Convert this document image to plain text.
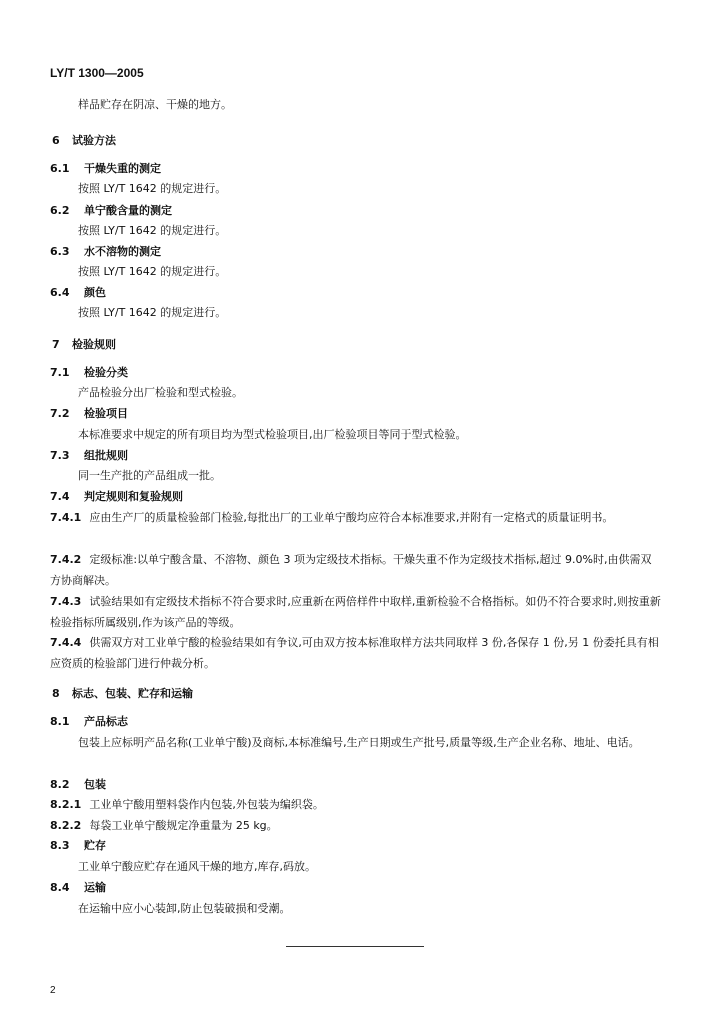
LY/T 1300—2005
样品贮存在阴凉、干燥的地方。
6 试验方法
6.1 干燥失重的测定
按照 LY/T 1642 的规定进行。
6.2 单宁酸含量的测定
按照 LY/T 1642 的规定进行。
6.3 水不溶物的测定
按照 LY/T 1642 的规定进行。
6.4 颜色
按照 LY/T 1642 的规定进行。
7 检验规则
7.1 检验分类
产品检验分出厂检验和型式检验。
7.2 检验项目
本标准要求中规定的所有项目均为型式检验项目,出厂检验项目等同于型式检验。
7.3 组批规则
同一生产批的产品组成一批。
7.4 判定规则和复验规则
7.4.1 应由生产厂的质量检验部门检验,每批出厂的工业单宁酸均应符合本标准要求,并附有一定格式的质量证明书。
7.4.2 定级标准:以单宁酸含量、不溶物、颜色 3 项为定级技术指标。干燥失重不作为定级技术指标,超过 9.0%时,由供需双方协商解决。
7.4.3 试验结果如有定级技术指标不符合要求时,应重新在两倍样件中取样,重新检验不合格指标。如仍不符合要求时,则按重新检验指标所属级别,作为该产品的等级。
7.4.4 供需双方对工业单宁酸的检验结果如有争议,可由双方按本标准取样方法共同取样 3 份,各保存 1 份,另 1 份委托具有相应资质的检验部门进行仲裁分析。
8 标志、包装、贮存和运输
8.1 产品标志
包装上应标明产品名称(工业单宁酸)及商标,本标准编号,生产日期或生产批号,质量等级,生产企业名称、地址、电话。
8.2 包装
8.2.1 工业单宁酸用塑料袋作内包装,外包装为编织袋。
8.2.2 每袋工业单宁酸规定净重量为 25 kg。
8.3 贮存
工业单宁酸应贮存在通风干燥的地方,库存,码放。
8.4 运输
在运输中应小心装卸,防止包装破损和受潮。
2
